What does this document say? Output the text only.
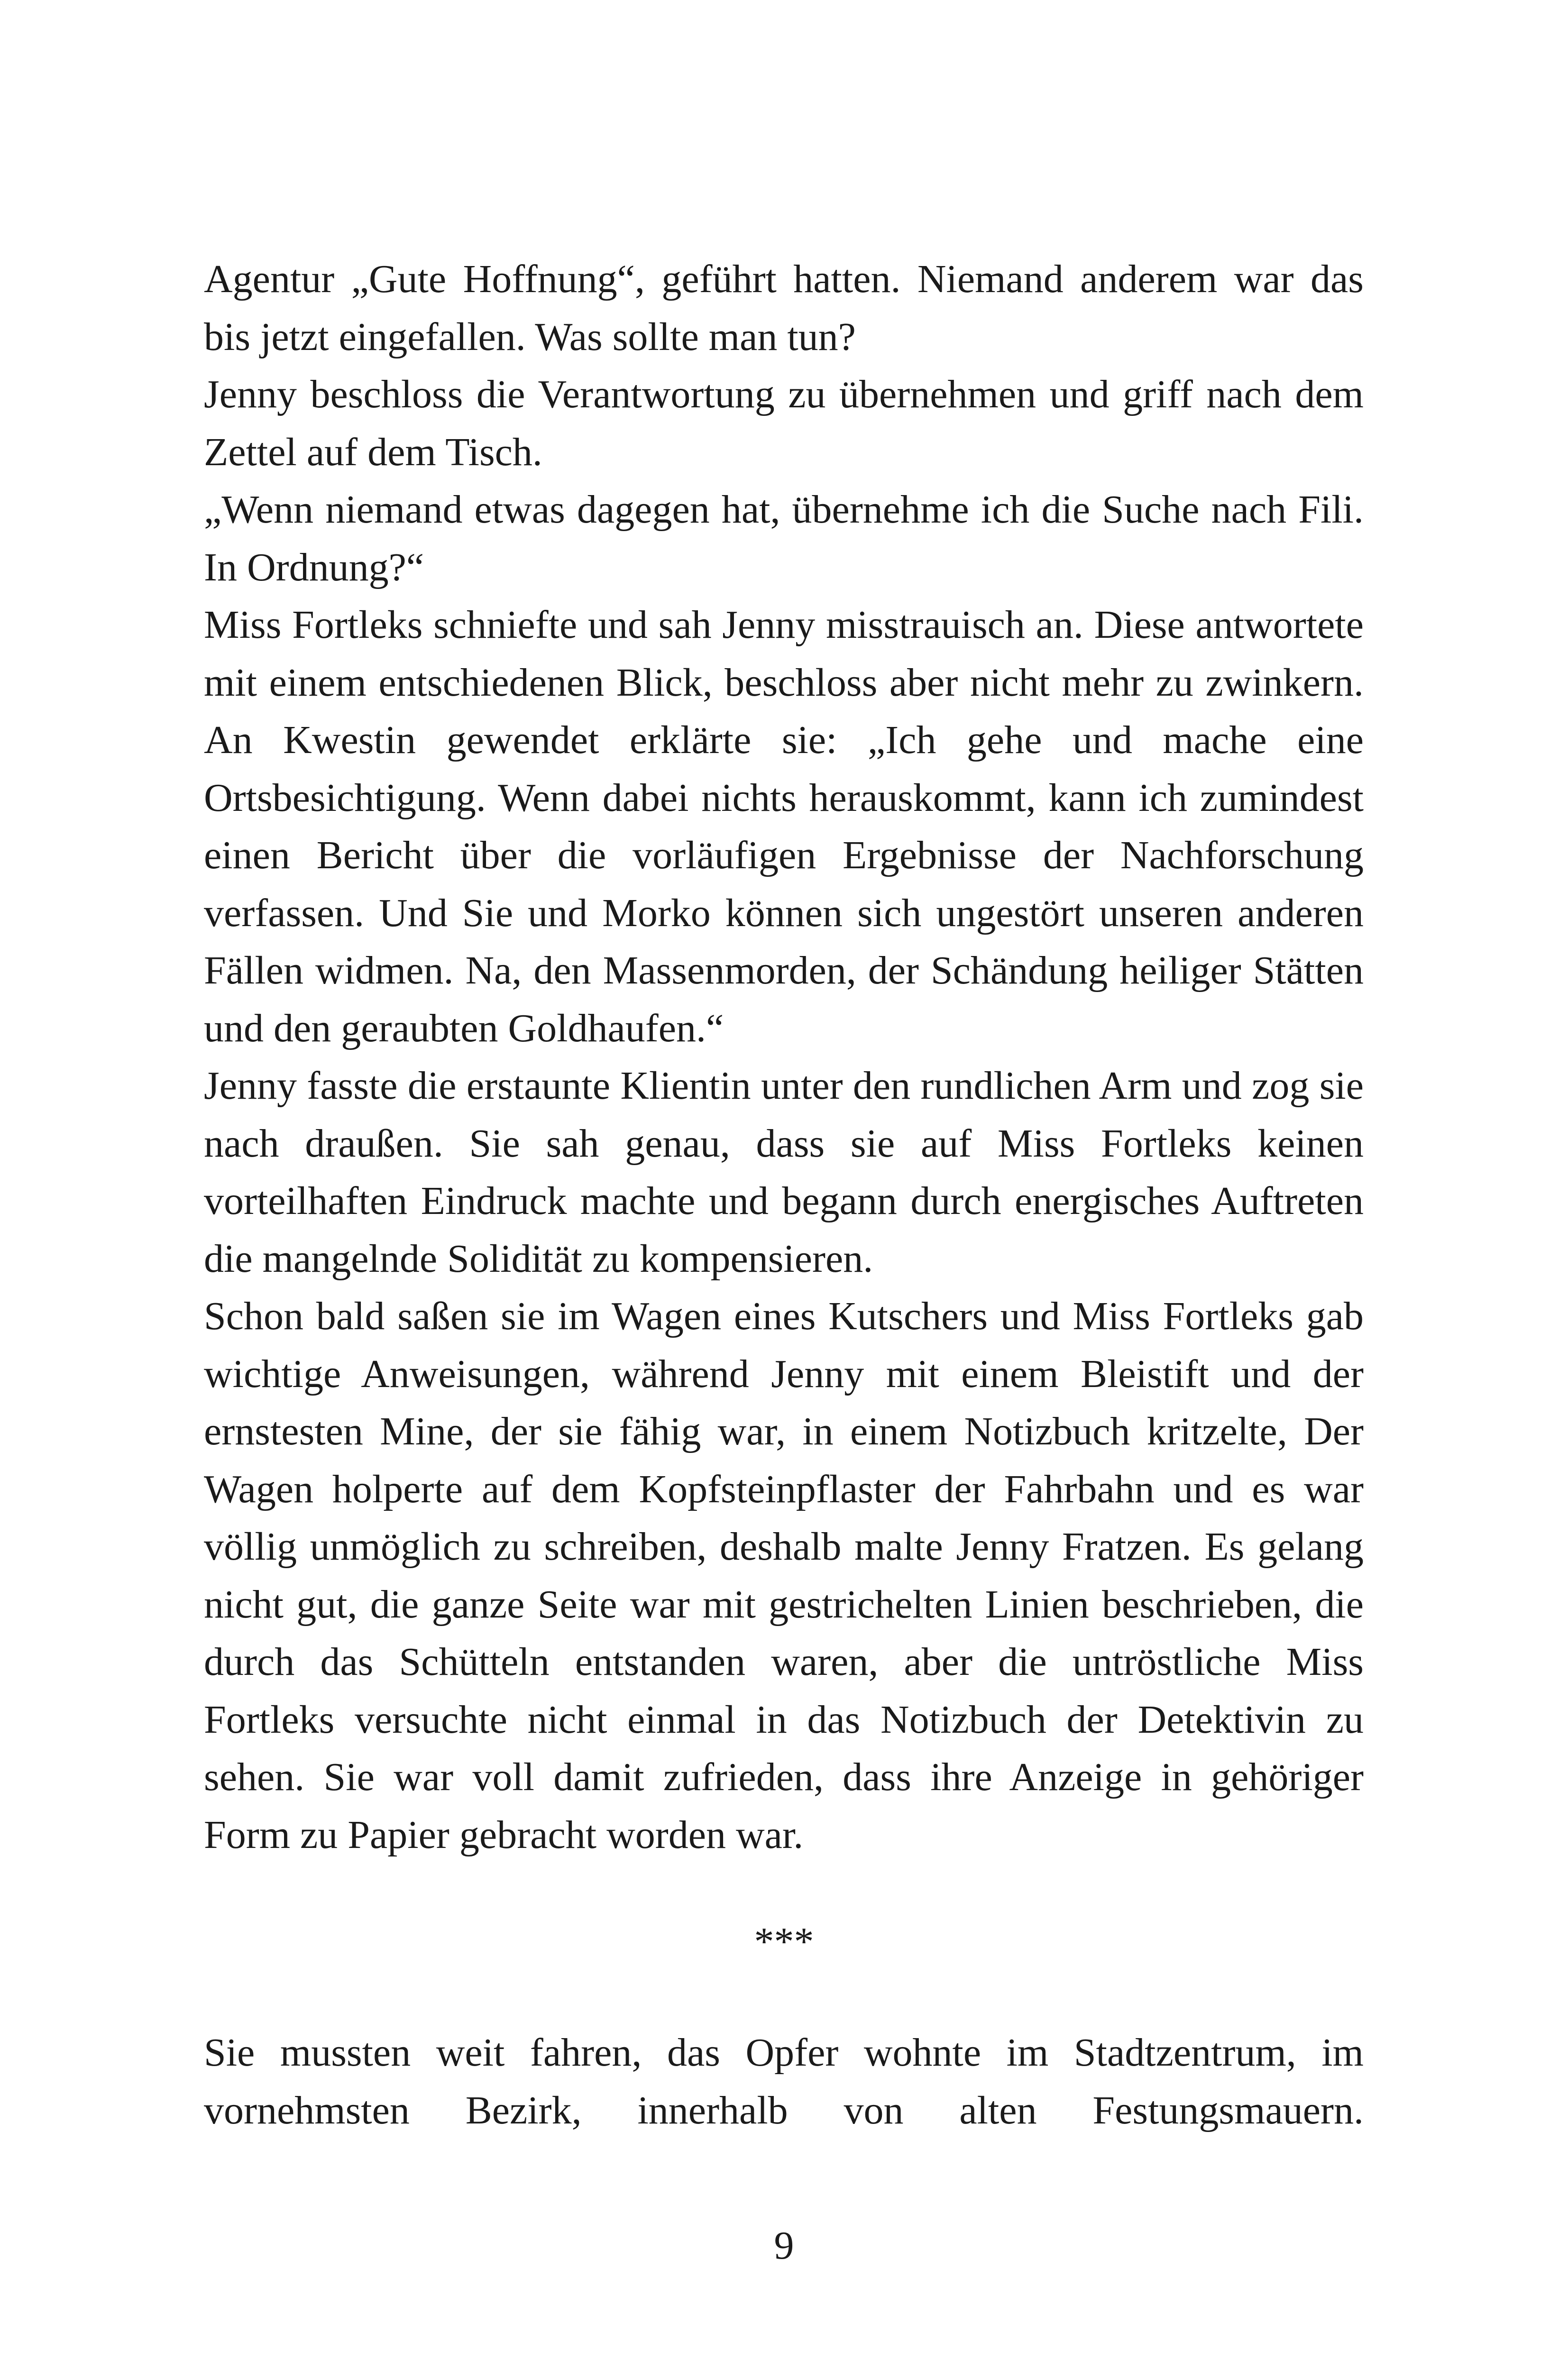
Agentur „Gute Hoffnung“, geführt hatten. Niemand anderem war das bis jetzt eingefallen. Was sollte man tun?

Jenny beschloss die Verantwortung zu übernehmen und griff nach dem Zettel auf dem Tisch.

„Wenn niemand etwas dagegen hat, übernehme ich die Suche nach Fili. In Ordnung?“

Miss Fortleks schniefte und sah Jenny misstrauisch an. Diese antwortete mit einem entschiedenen Blick, beschloss aber nicht mehr zu zwinkern. An Kwestin gewendet erklärte sie: „Ich gehe und mache eine Ortsbesichtigung. Wenn dabei nichts herauskommt, kann ich zumindest einen Bericht über die vorläufigen Ergebnisse der Nachforschung verfassen. Und Sie und Morko können sich ungestört unseren anderen Fällen widmen. Na, den Massenmorden, der Schändung heiliger Stätten und den geraubten Goldhaufen.“

Jenny fasste die erstaunte Klientin unter den rundlichen Arm und zog sie nach draußen. Sie sah genau, dass sie auf Miss Fortleks keinen vorteilhaften Eindruck machte und begann durch energisches Auftreten die mangelnde Solidität zu kompensieren.

Schon bald saßen sie im Wagen eines Kutschers und Miss Fortleks gab wichtige Anweisungen, während Jenny mit einem Bleistift und der ernstesten Mine, der sie fähig war, in einem Notizbuch kritzelte, Der Wagen holperte auf dem Kopfsteinpflaster der Fahrbahn und es war völlig unmöglich zu schreiben, deshalb malte Jenny Fratzen. Es gelang nicht gut, die ganze Seite war mit gestrichelten Linien beschrieben, die durch das Schütteln entstanden waren, aber die untröstliche Miss Fortleks versuchte nicht einmal in das Notizbuch der Detektivin zu sehen. Sie war voll damit zufrieden, dass ihre Anzeige in gehöriger Form zu Papier gebracht worden war.

***

Sie mussten weit fahren, das Opfer wohnte im Stadtzentrum, im vornehmsten Bezirk, innerhalb von alten Festungsmauern.

9
